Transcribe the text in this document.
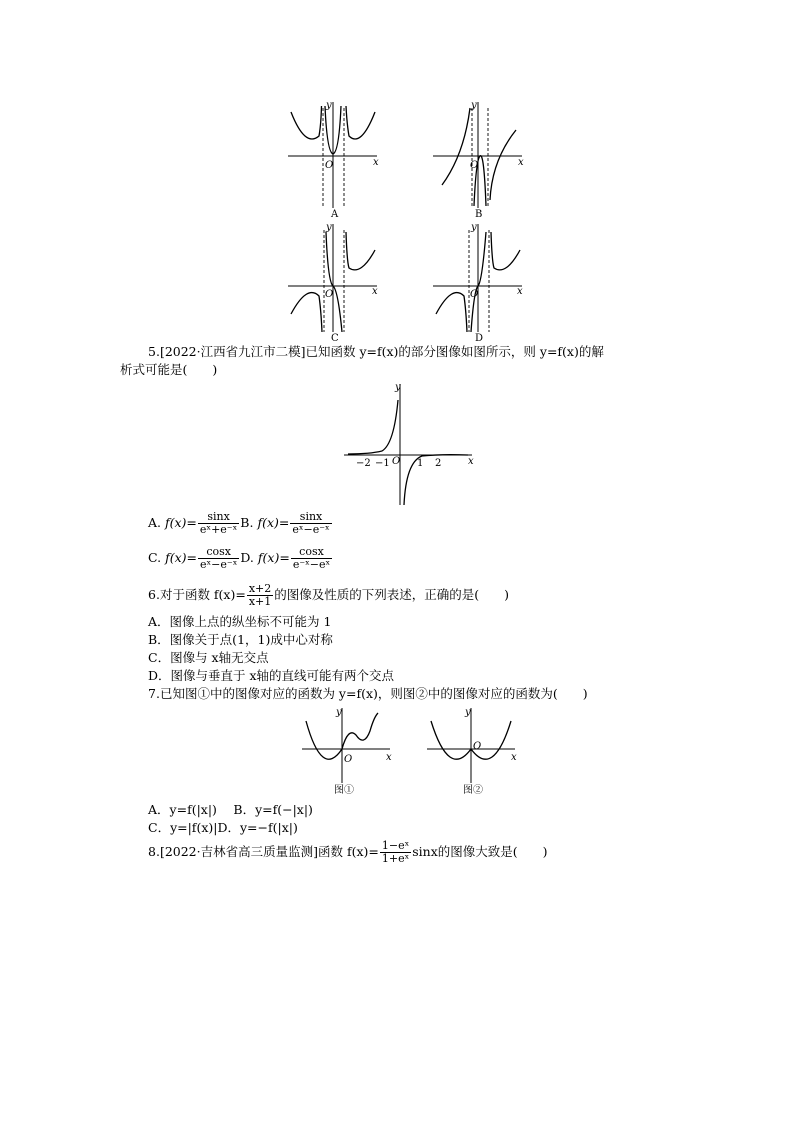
O	x
y
A
O	x
y
B
O	x
y
C
O	x
y
D
5.[2022·江西省九江市二模]已知函数 y=f(x)的部分图像如图所示，则 y=f(x)的解
析式可能是(　　)
−2 −1 O 1 2	x
y
A. $f(x)= \frac{\sin x}{\text{eˣ+e⁻ˣ}} B$. $f(x)= \frac{\sin x}{\text{eˣ−e⁻ˣ}}$
C. $f(x)= \frac{\cos x}{\text{eˣ−e⁻ˣ}} D$. $f(x)= \frac{\cos x}{\text{e⁻ˣ−eˣ}}$
6.对于函数 $f(x)= \frac{x+2}{x+1}$ 的图像及性质的下列表述，正确的是(　　)
A．图像上点的纵坐标不可能为 1
B．图像关于点(1，1)成中心对称
C．图像与 x轴无交点
D．图像与垂直于 x轴的直线可能有两个交点
7.已知图①中的图像对应的函数为 y=f(x)，则图②中的图像对应的函数为(　　)
O	x
y
图①
O
x
y
图②
A．y=f(|x|)　 B．y=f(−|x|)
C．y=|f(x)|D．y=−f(|x|)
8.[2022·吉林省高三质量监测]函数 $f(x)= \frac{\text{1−eˣ}}{\text{1+eˣ}}$ sinx的图像大致是(　　)
